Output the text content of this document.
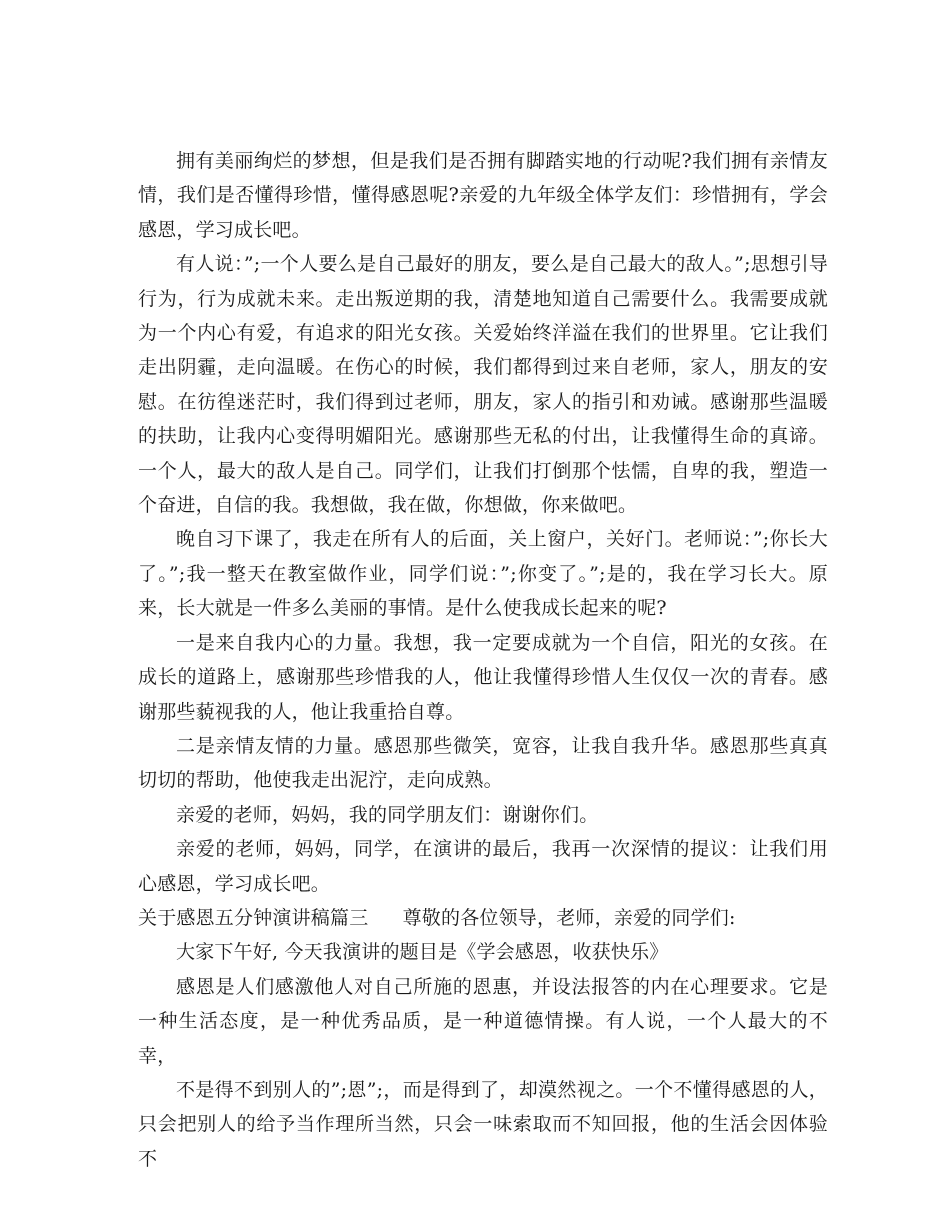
拥有美丽绚烂的梦想，但是我们是否拥有脚踏实地的行动呢?我们拥有亲情友情，我们是否懂得珍惜，懂得感恩呢?亲爱的九年级全体学友们：珍惜拥有，学会感恩，学习成长吧。

有人说：”;一个人要么是自己最好的朋友，要么是自己最大的敌人。”;思想引导行为，行为成就未来。走出叛逆期的我，清楚地知道自己需要什么。我需要成就为一个内心有爱，有追求的阳光女孩。关爱始终洋溢在我们的世界里。它让我们走出阴霾，走向温暖。在伤心的时候，我们都得到过来自老师，家人，朋友的安慰。在彷徨迷茫时，我们得到过老师，朋友，家人的指引和劝诫。感谢那些温暖的扶助，让我内心变得明媚阳光。感谢那些无私的付出，让我懂得生命的真谛。一个人，最大的敌人是自己。同学们，让我们打倒那个怯懦，自卑的我，塑造一个奋进，自信的我。我想做，我在做，你想做，你来做吧。

晚自习下课了，我走在所有人的后面，关上窗户，关好门。老师说：”;你长大了。”;我一整天在教室做作业，同学们说：”;你变了。”;是的，我在学习长大。原来，长大就是一件多么美丽的事情。是什么使我成长起来的呢?

一是来自我内心的力量。我想，我一定要成就为一个自信，阳光的女孩。在成长的道路上，感谢那些珍惜我的人，他让我懂得珍惜人生仅仅一次的青春。感谢那些藐视我的人，他让我重拾自尊。

二是亲情友情的力量。感恩那些微笑，宽容，让我自我升华。感恩那些真真切切的帮助，他使我走出泥泞，走向成熟。

亲爱的老师，妈妈，我的同学朋友们：谢谢你们。

亲爱的老师，妈妈，同学，在演讲的最后，我再一次深情的提议：让我们用心感恩，学习成长吧。

关于感恩五分钟演讲稿篇三 尊敬的各位领导，老师，亲爱的同学们:

大家下午好, 今天我演讲的题目是《学会感恩，收获快乐》

感恩是人们感激他人对自己所施的恩惠，并设法报答的内在心理要求。它是一种生活态度，是一种优秀品质，是一种道德情操。有人说，一个人最大的不幸，

不是得不到别人的”;恩”;，而是得到了，却漠然视之。一个不懂得感恩的人，只会把别人的给予当作理所当然，只会一味索取而不知回报，他的生活会因体验不
